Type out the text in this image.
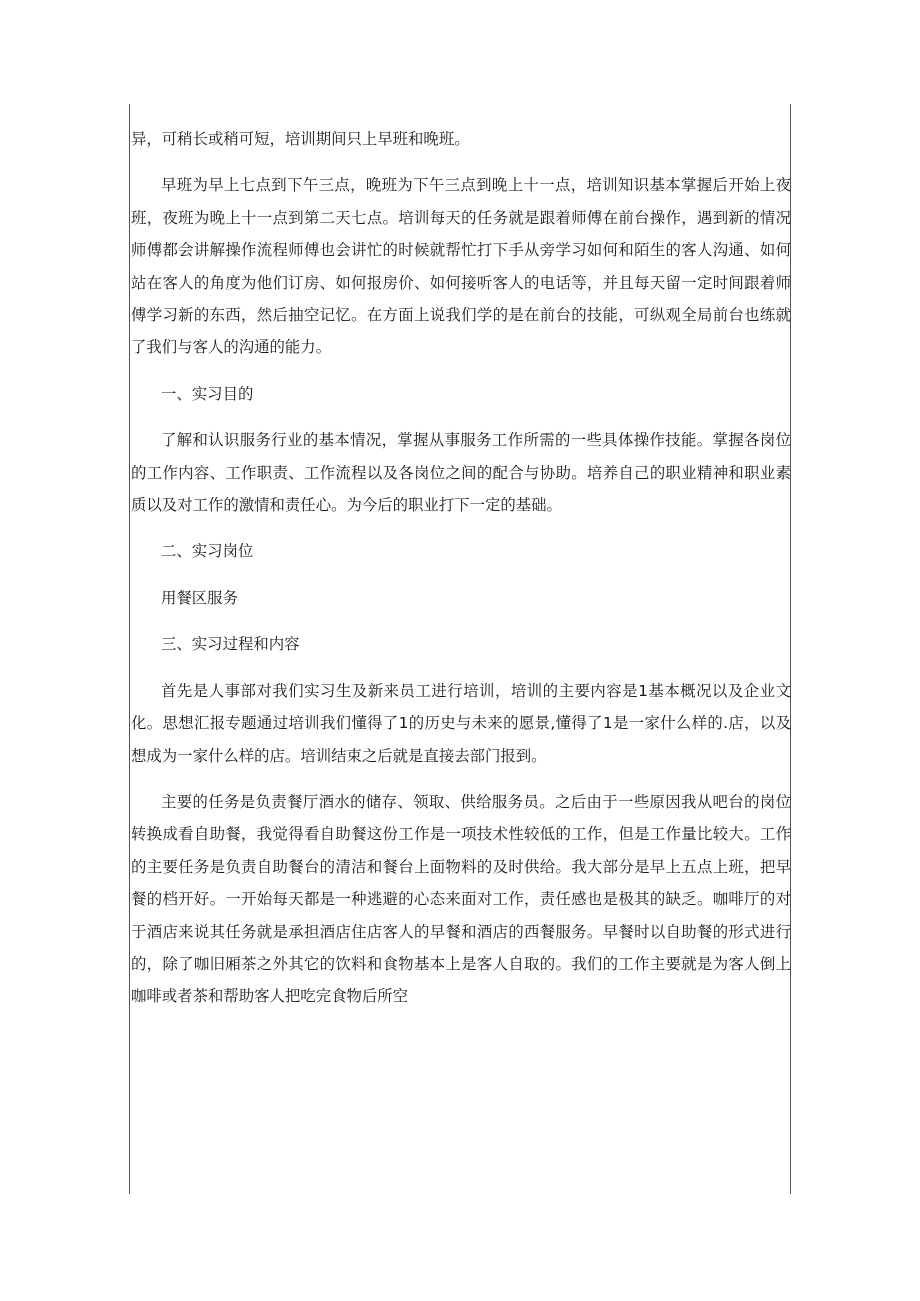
异，可稍长或稍可短，培训期间只上早班和晚班。

早班为早上七点到下午三点，晚班为下午三点到晚上十一点，培训知识基本掌握后开始上夜班，夜班为晚上十一点到第二天七点。培训每天的任务就是跟着师傅在前台操作，遇到新的情况师傅都会讲解操作流程师傅也会讲忙的时候就帮忙打下手从旁学习如何和陌生的客人沟通、如何站在客人的角度为他们订房、如何报房价、如何接听客人的电话等，并且每天留一定时间跟着师傅学习新的东西，然后抽空记忆。在方面上说我们学的是在前台的技能，可纵观全局前台也练就了我们与客人的沟通的能力。

一、实习目的

了解和认识服务行业的基本情况，掌握从事服务工作所需的一些具体操作技能。掌握各岗位的工作内容、工作职责、工作流程以及各岗位之间的配合与协助。培养自己的职业精神和职业素质以及对工作的激情和责任心。为今后的职业打下一定的基础。

二、实习岗位

用餐区服务

三、实习过程和内容

首先是人事部对我们实习生及新来员工进行培训，培训的主要内容是1基本概况以及企业文化。思想汇报专题通过培训我们懂得了1的历史与未来的愿景,懂得了1是一家什么样的.店，以及想成为一家什么样的店。培训结束之后就是直接去部门报到。

主要的任务是负责餐厅酒水的储存、领取、供给服务员。之后由于一些原因我从吧台的岗位转换成看自助餐，我觉得看自助餐这份工作是一项技术性较低的工作，但是工作量比较大。工作的主要任务是负责自助餐台的清洁和餐台上面物料的及时供给。我大部分是早上五点上班，把早餐的档开好。一开始每天都是一种逃避的心态来面对工作，责任感也是极其的缺乏。咖啡厅的对于酒店来说其任务就是承担酒店住店客人的早餐和酒店的西餐服务。早餐时以自助餐的形式进行的，除了咖旧厢茶之外其它的饮料和食物基本上是客人自取的。我们的工作主要就是为客人倒上咖啡或者茶和帮助客人把吃完食物后所空
